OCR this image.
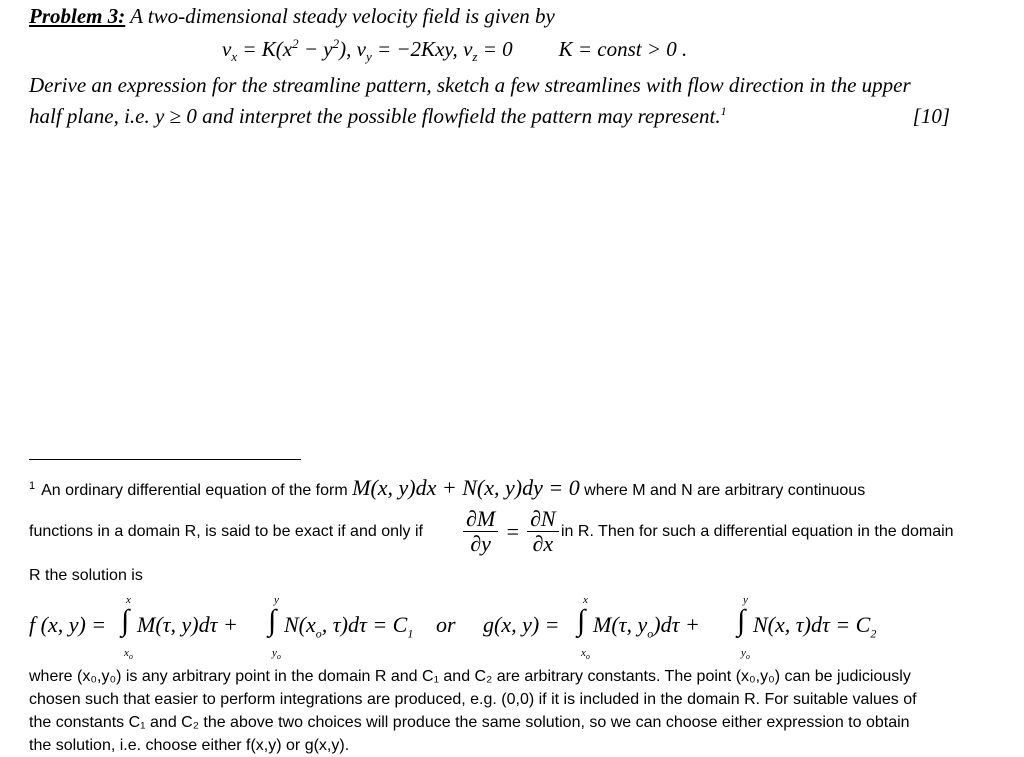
Problem 3: A two-dimensional steady velocity field is given by
$v_x = K(x^2 - y^2)$, $v_y = -2Kxy$, $v_z = 0$ K = const > 0 .
Derive an expression for the streamline pattern, sketch a few streamlines with flow direction in the upper
half plane, i.e. y ≥ 0 and interpret the possible flowfield the pattern may represent.$^1$	[10]
$^1$ An ordinary differential equation of the form M(x, y)dx + N(x, y)dy = 0 where M and N are arbitrary continuous
functions in a domain R, is said to be exact if and only if $\frac{\partial M}{\partial y} = \frac{\partial N}{\partial x}$ in R. Then for such a differential equation in the domain
R the solution is
f (x, y) = ∫
x
$x_o$
M(τ, y)dτ + ∫
y
$y_o$
$N(x_o$, $\tau)d\tau = C_1$ or g(x, y) = ∫
x
$x_o$
M(τ, $y_o)d\tau$ + ∫
y
$y_o$
N(x, $\tau)d\tau = C_2$
where (x₀,y₀) is any arbitrary point in the domain R and C₁ and C₂ are arbitrary constants. The point (x₀,y₀) can be judiciously
chosen such that easier to perform integrations are produced, e.g. (0,0) if it is included in the domain R. For suitable values of
the constants C₁ and C₂ the above two choices will produce the same solution, so we can choose either expression to obtain
the solution, i.e. choose either f(x,y) or g(x,y).
